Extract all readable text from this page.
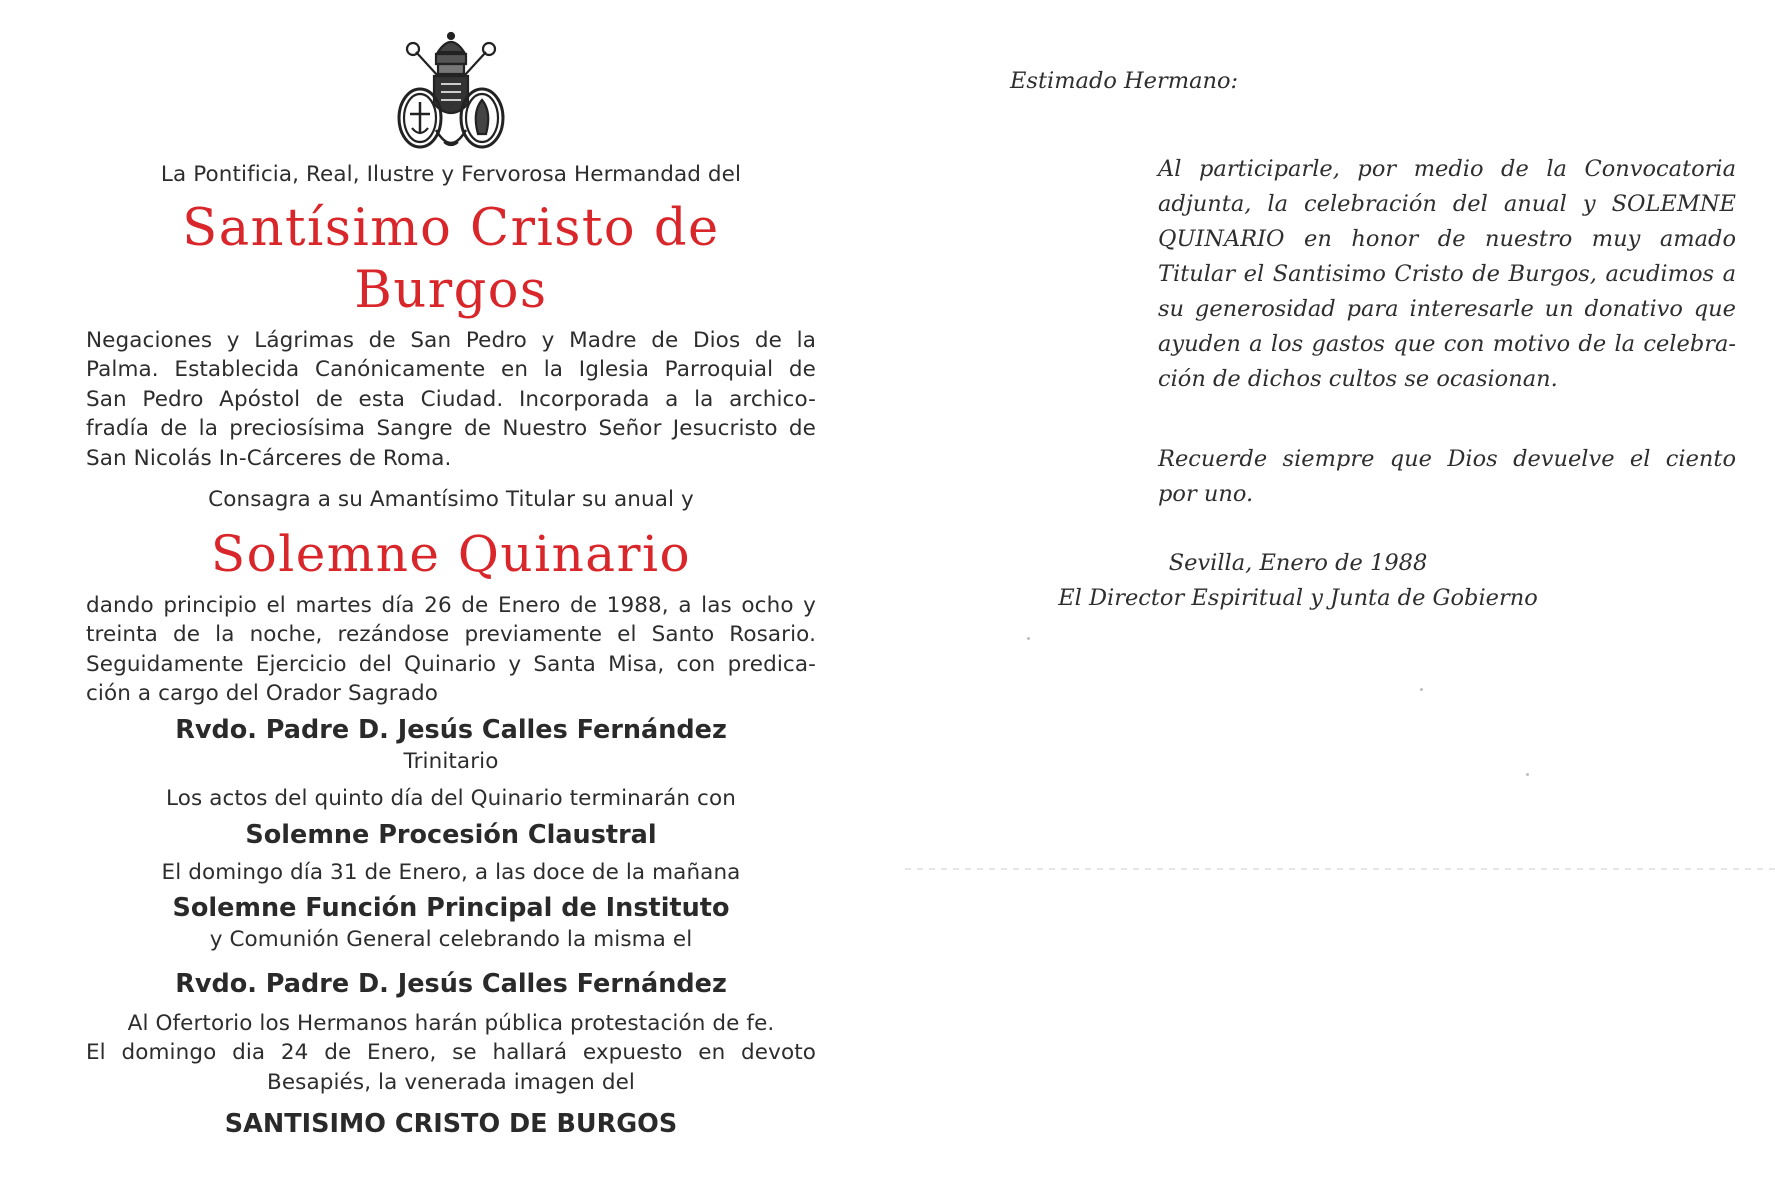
La Pontificia, Real, Ilustre y Fervorosa Hermandad del

Santísimo Cristo de Burgos

Negaciones y Lágrimas de San Pedro y Madre de Dios de la

Palma. Establecida Canónicamente en la Iglesia Parroquial de

San Pedro Apóstol de esta Ciudad. Incorporada a la archico-

fradía de la preciosísima Sangre de Nuestro Señor Jesucristo de

San Nicolás In-Cárceres de Roma.

Consagra a su Amantísimo Titular su anual y

Solemne Quinario

dando principio el martes día 26 de Enero de 1988, a las ocho y

treinta de la noche, rezándose previamente el Santo Rosario.

Seguidamente Ejercicio del Quinario y Santa Misa, con predica-

ción a cargo del Orador Sagrado

Rvdo. Padre D. Jesús Calles Fernández

Trinitario

Los actos del quinto día del Quinario terminarán con

Solemne Procesión Claustral

El domingo día 31 de Enero, a las doce de la mañana

Solemne Función Principal de Instituto

y Comunión General celebrando la misma el

Rvdo. Padre D. Jesús Calles Fernández

Al Ofertorio los Hermanos harán pública protestación de fe.

El domingo dia 24 de Enero, se hallará expuesto en devoto

Besapiés, la venerada imagen del

SANTISIMO CRISTO DE BURGOS

Estimado Hermano:

Al participarle, por medio de la Convocatoria

adjunta, la celebración del anual y SOLEMNE

QUINARIO en honor de nuestro muy amado

Titular el Santisimo Cristo de Burgos, acudimos a

su generosidad para interesarle un donativo que

ayuden a los gastos que con motivo de la celebra-

ción de dichos cultos se ocasionan.

Recuerde siempre que Dios devuelve el ciento

por uno.

Sevilla, Enero de 1988
El Director Espiritual y Junta de Gobierno
